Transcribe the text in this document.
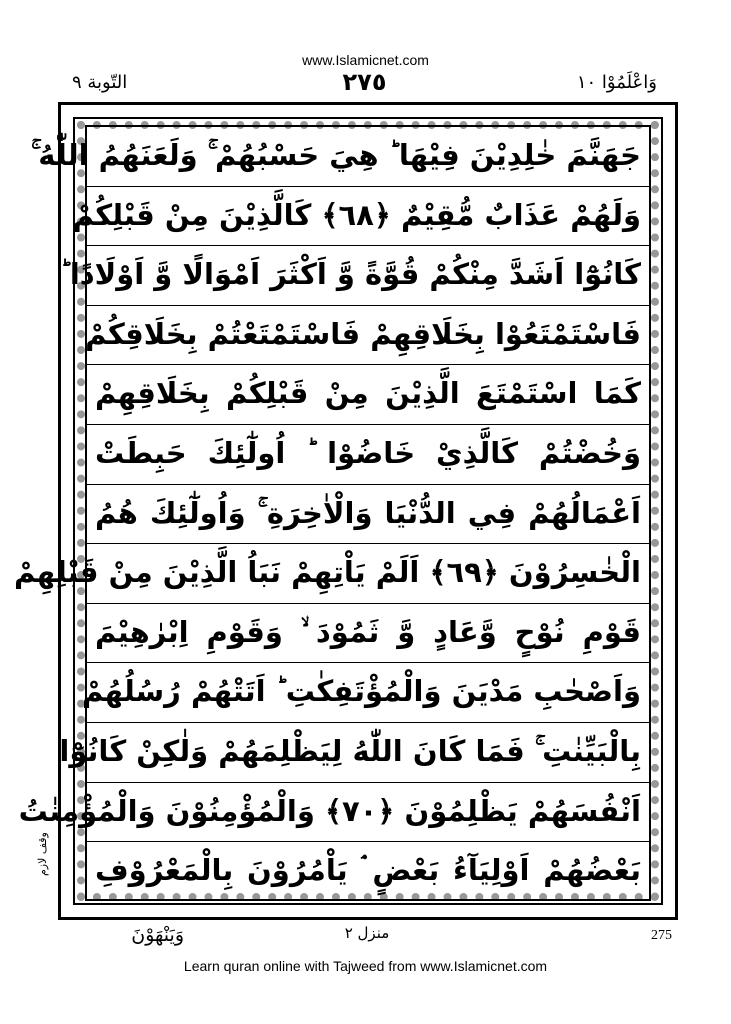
www.Islamicnet.com
التّوبة ٩	٢٧٥	وَاعْلَمُوْا ١٠
جَهَنَّمَ خٰلِدِيْنَ فِيْهَا ؕ هِيَ حَسْبُهُمْ ۚ وَلَعَنَهُمُ اللّٰهُ ۚ
وَلَهُمْ عَذَابٌ مُّقِيْمٌ ﴿٦٨﴾ كَالَّذِيْنَ مِنْ قَبْلِكُمْ
كَانُوْٓا اَشَدَّ مِنْكُمْ قُوَّةً وَّ اَكْثَرَ اَمْوَالًا وَّ اَوْلَادًا ؕ
فَاسْتَمْتَعُوْا بِخَلَاقِهِمْ فَاسْتَمْتَعْتُمْ بِخَلَاقِكُمْ
كَمَا اسْتَمْتَعَ الَّذِيْنَ مِنْ قَبْلِكُمْ بِخَلَاقِهِمْ
وَخُضْتُمْ كَالَّذِيْ خَاضُوْا ؕ اُولٰٓئِكَ حَبِطَتْ
اَعْمَالُهُمْ فِي الدُّنْيَا وَالْاٰخِرَةِ ۚ وَاُولٰٓئِكَ هُمُ
الْخٰسِرُوْنَ ﴿٦٩﴾ اَلَمْ يَاْتِهِمْ نَبَاُ الَّذِيْنَ مِنْ قَبْلِهِمْ
قَوْمِ نُوْحٍ وَّعَادٍ وَّ ثَمُوْدَ ۙ وَقَوْمِ اِبْرٰهِيْمَ
وَاَصْحٰبِ مَدْيَنَ وَالْمُؤْتَفِكٰتِ ؕ اَتَتْهُمْ رُسُلُهُمْ
بِالْبَيِّنٰتِ ۚ فَمَا كَانَ اللّٰهُ لِيَظْلِمَهُمْ وَلٰكِنْ كَانُوْٓا
اَنْفُسَهُمْ يَظْلِمُوْنَ ﴿٧٠﴾ وَالْمُؤْمِنُوْنَ وَالْمُؤْمِنٰتُ
بَعْضُهُمْ اَوْلِيَآءُ بَعْضٍ ۘ يَاْمُرُوْنَ بِالْمَعْرُوْفِ
وقف لازم
وَيَنْهَوْنَ	منزل ٢	275
Learn quran online with Tajweed from www.Islamicnet.com
